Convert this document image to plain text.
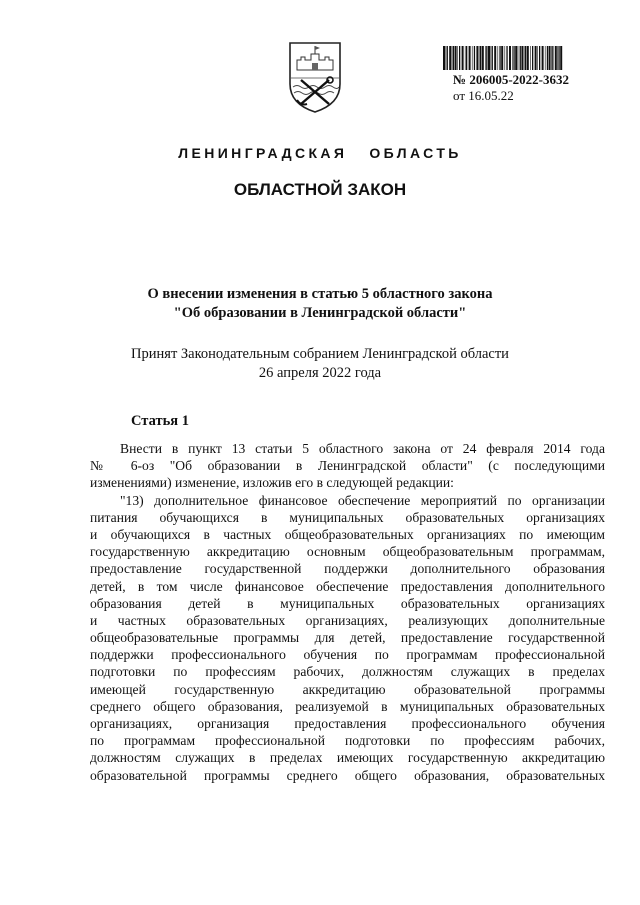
№ 206005-2022-3632
от 16.05.22
ЛЕНИНГРАДСКАЯ ОБЛАСТЬ
ОБЛАСТНОЙ ЗАКОН
О внесении изменения в статью 5 областного закона
"Об образовании в Ленинградской области"
Принят Законодательным собранием Ленинградской области
26 апреля 2022 года
Статья 1
Внести в пункт 13 статьи 5 областного закона от 24 февраля 2014 года
№ 6-оз "Об образовании в Ленинградской области" (с последующими
изменениями) изменение, изложив его в следующей редакции:
"13) дополнительное финансовое обеспечение мероприятий по организации
питания обучающихся в муниципальных образовательных организациях
и обучающихся в частных общеобразовательных организациях по имеющим
государственную аккредитацию основным общеобразовательным программам,
предоставление государственной поддержки дополнительного образования
детей, в том числе финансовое обеспечение предоставления дополнительного
образования детей в муниципальных образовательных организациях
и частных образовательных организациях, реализующих дополнительные
общеобразовательные программы для детей, предоставление государственной
поддержки профессионального обучения по программам профессиональной
подготовки по профессиям рабочих, должностям служащих в пределах
имеющей государственную аккредитацию образовательной программы
среднего общего образования, реализуемой в муниципальных образовательных
организациях, организация предоставления профессионального обучения
по программам профессиональной подготовки по профессиям рабочих,
должностям служащих в пределах имеющих государственную аккредитацию
образовательной программы среднего общего образования, образовательных
